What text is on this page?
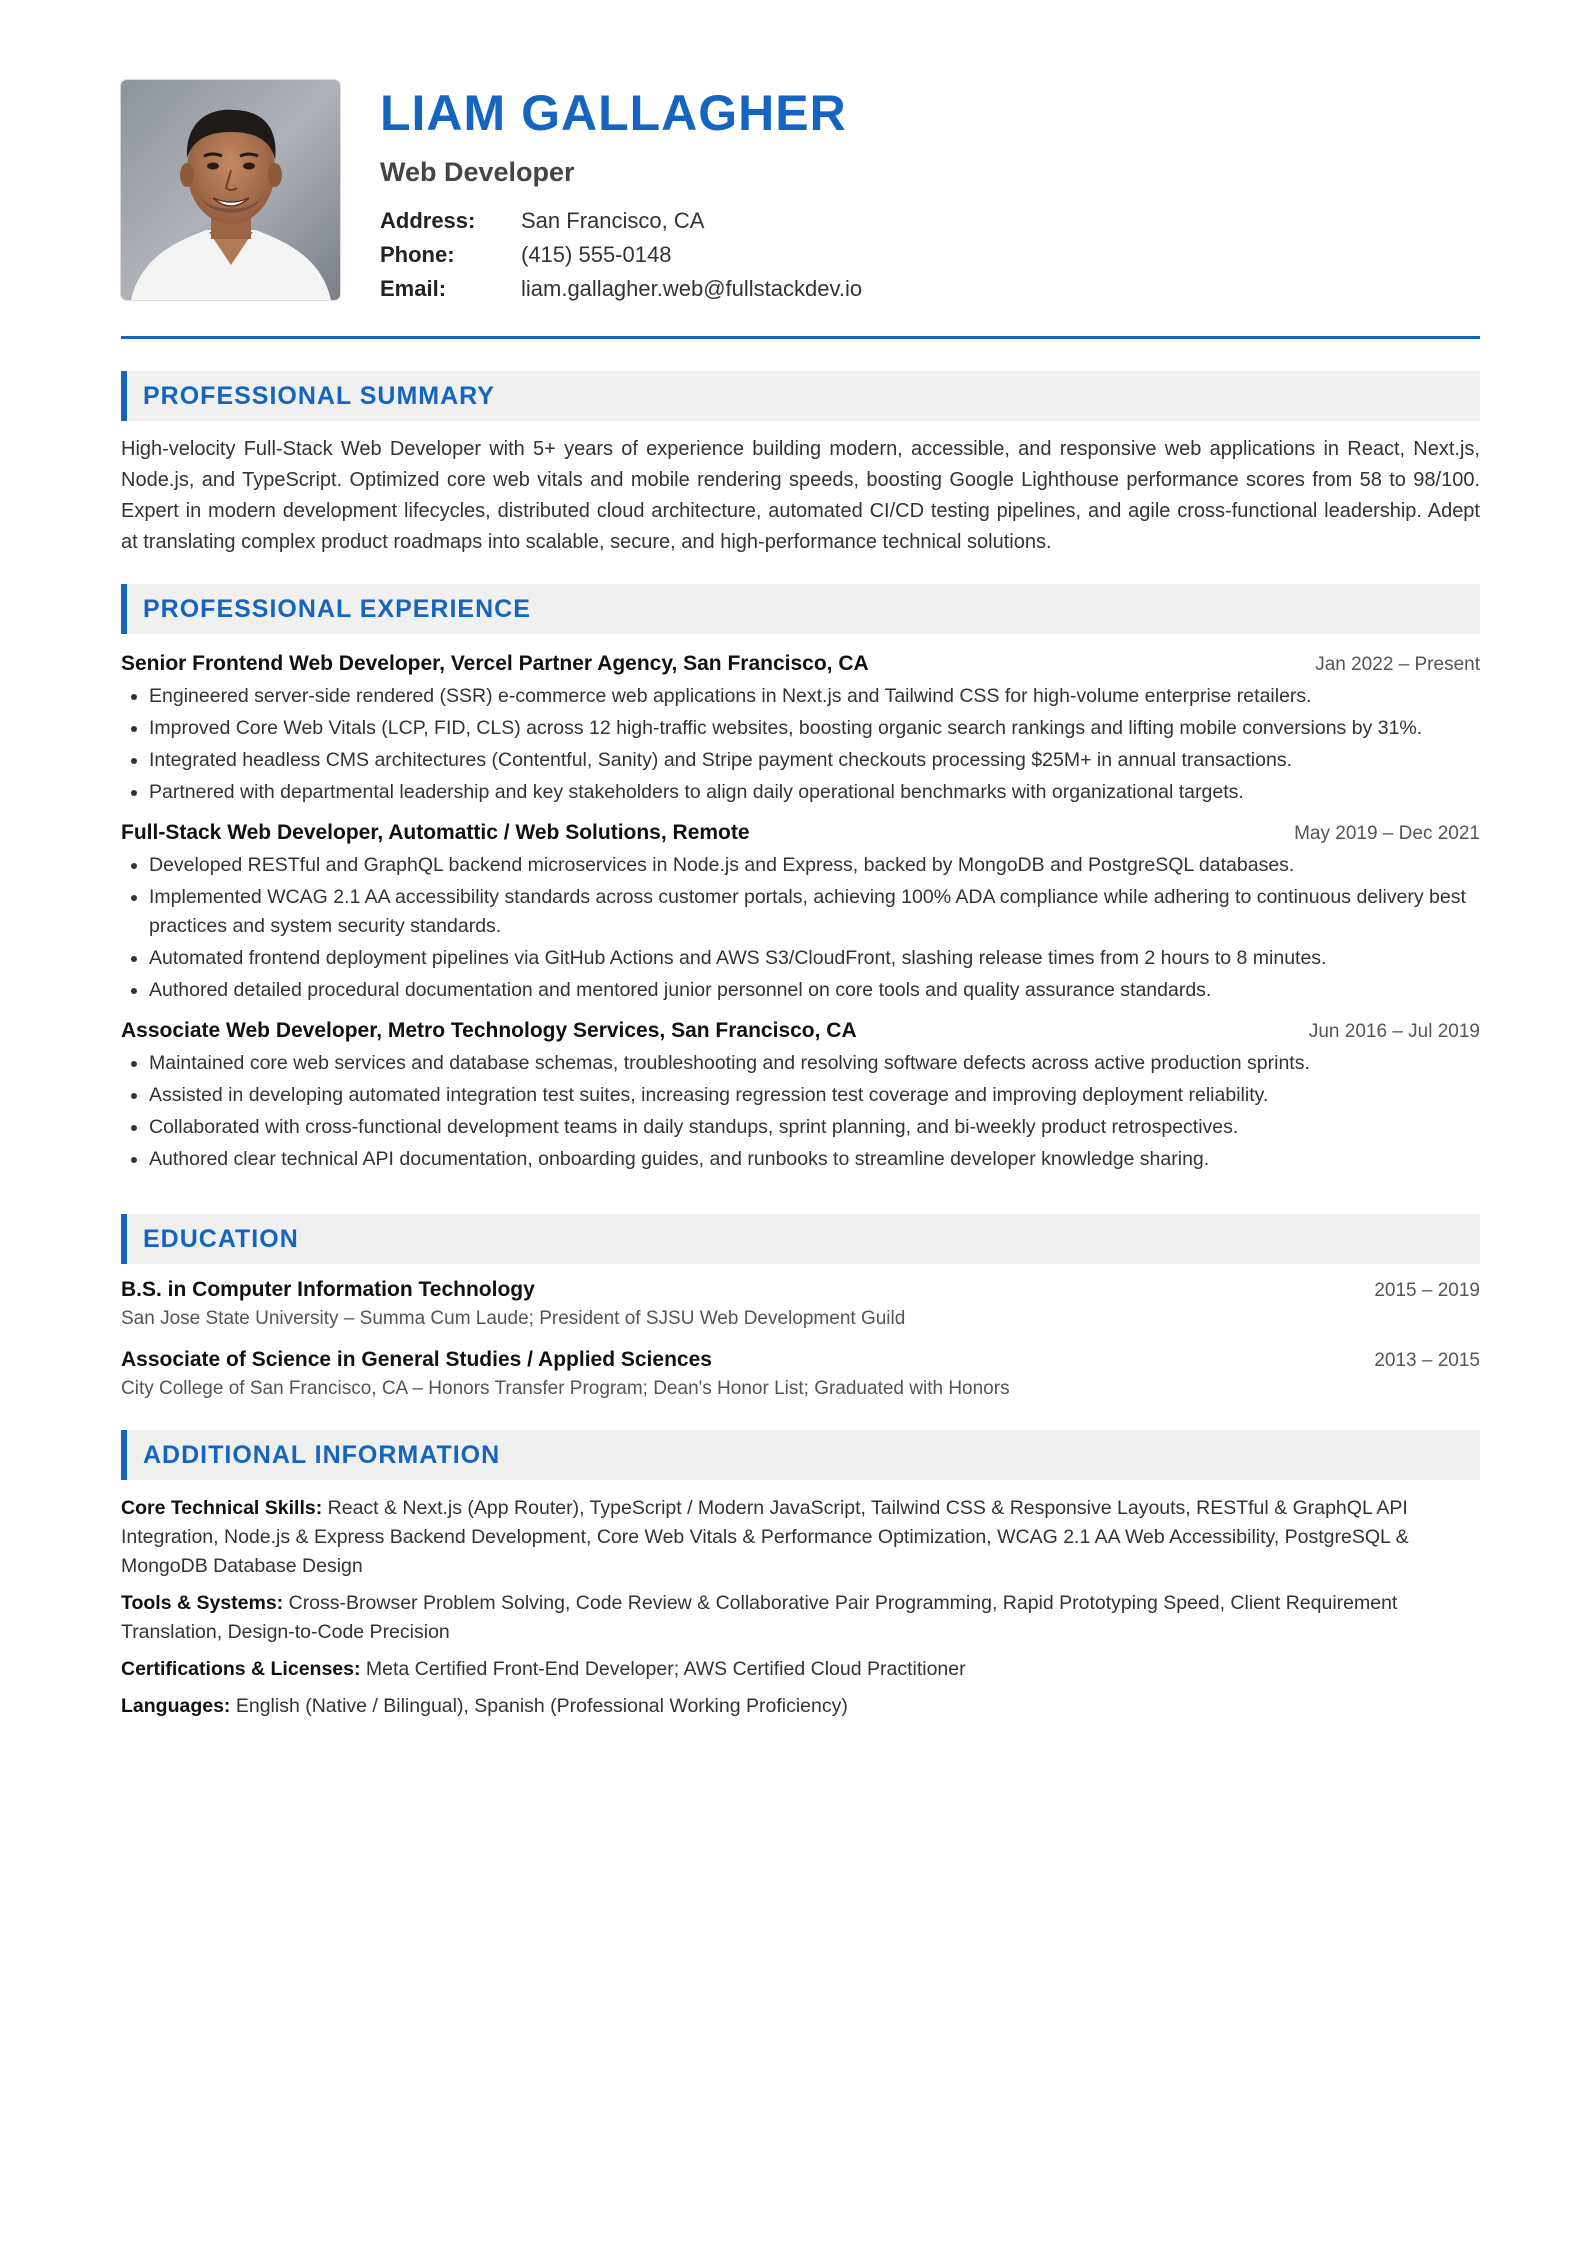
LIAM GALLAGHER
Web Developer
Address:	San Francisco, CA
Phone:	(415) 555-0148
Email:	liam.gallagher.web@fullstackdev.io
PROFESSIONAL SUMMARY
High-velocity Full-Stack Web Developer with 5+ years of experience building modern, accessible, and responsive web applications in React, Next.js, Node.js, and TypeScript. Optimized core web vitals and mobile rendering speeds, boosting Google Lighthouse performance scores from 58 to 98/100. Expert in modern development lifecycles, distributed cloud architecture, automated CI/CD testing pipelines, and agile cross-functional leadership. Adept at translating complex product roadmaps into scalable, secure, and high-performance technical solutions.
PROFESSIONAL EXPERIENCE
Senior Frontend Web Developer, Vercel Partner Agency, San Francisco, CA	Jan 2022 – Present
• Engineered server-side rendered (SSR) e-commerce web applications in Next.js and Tailwind CSS for high-volume enterprise retailers.
• Improved Core Web Vitals (LCP, FID, CLS) across 12 high-traffic websites, boosting organic search rankings and lifting mobile conversions by 31%.
• Integrated headless CMS architectures (Contentful, Sanity) and Stripe payment checkouts processing $25M+ in annual transactions.
• Partnered with departmental leadership and key stakeholders to align daily operational benchmarks with organizational targets.
Full-Stack Web Developer, Automattic / Web Solutions, Remote	May 2019 – Dec 2021
• Developed RESTful and GraphQL backend microservices in Node.js and Express, backed by MongoDB and PostgreSQL databases.
• Implemented WCAG 2.1 AA accessibility standards across customer portals, achieving 100% ADA compliance while adhering to continuous delivery best practices and system security standards.
• Automated frontend deployment pipelines via GitHub Actions and AWS S3/CloudFront, slashing release times from 2 hours to 8 minutes.
• Authored detailed procedural documentation and mentored junior personnel on core tools and quality assurance standards.
Associate Web Developer, Metro Technology Services, San Francisco, CA	Jun 2016 – Jul 2019
• Maintained core web services and database schemas, troubleshooting and resolving software defects across active production sprints.
• Assisted in developing automated integration test suites, increasing regression test coverage and improving deployment reliability.
• Collaborated with cross-functional development teams in daily standups, sprint planning, and bi-weekly product retrospectives.
• Authored clear technical API documentation, onboarding guides, and runbooks to streamline developer knowledge sharing.
EDUCATION
B.S. in Computer Information Technology	2015 – 2019
San Jose State University – Summa Cum Laude; President of SJSU Web Development Guild
Associate of Science in General Studies / Applied Sciences	2013 – 2015
City College of San Francisco, CA – Honors Transfer Program; Dean's Honor List; Graduated with Honors
ADDITIONAL INFORMATION
Core Technical Skills: React & Next.js (App Router), TypeScript / Modern JavaScript, Tailwind CSS & Responsive Layouts, RESTful & GraphQL API Integration, Node.js & Express Backend Development, Core Web Vitals & Performance Optimization, WCAG 2.1 AA Web Accessibility, PostgreSQL & MongoDB Database Design
Tools & Systems: Cross-Browser Problem Solving, Code Review & Collaborative Pair Programming, Rapid Prototyping Speed, Client Requirement Translation, Design-to-Code Precision
Certifications & Licenses: Meta Certified Front-End Developer; AWS Certified Cloud Practitioner
Languages: English (Native / Bilingual), Spanish (Professional Working Proficiency)
